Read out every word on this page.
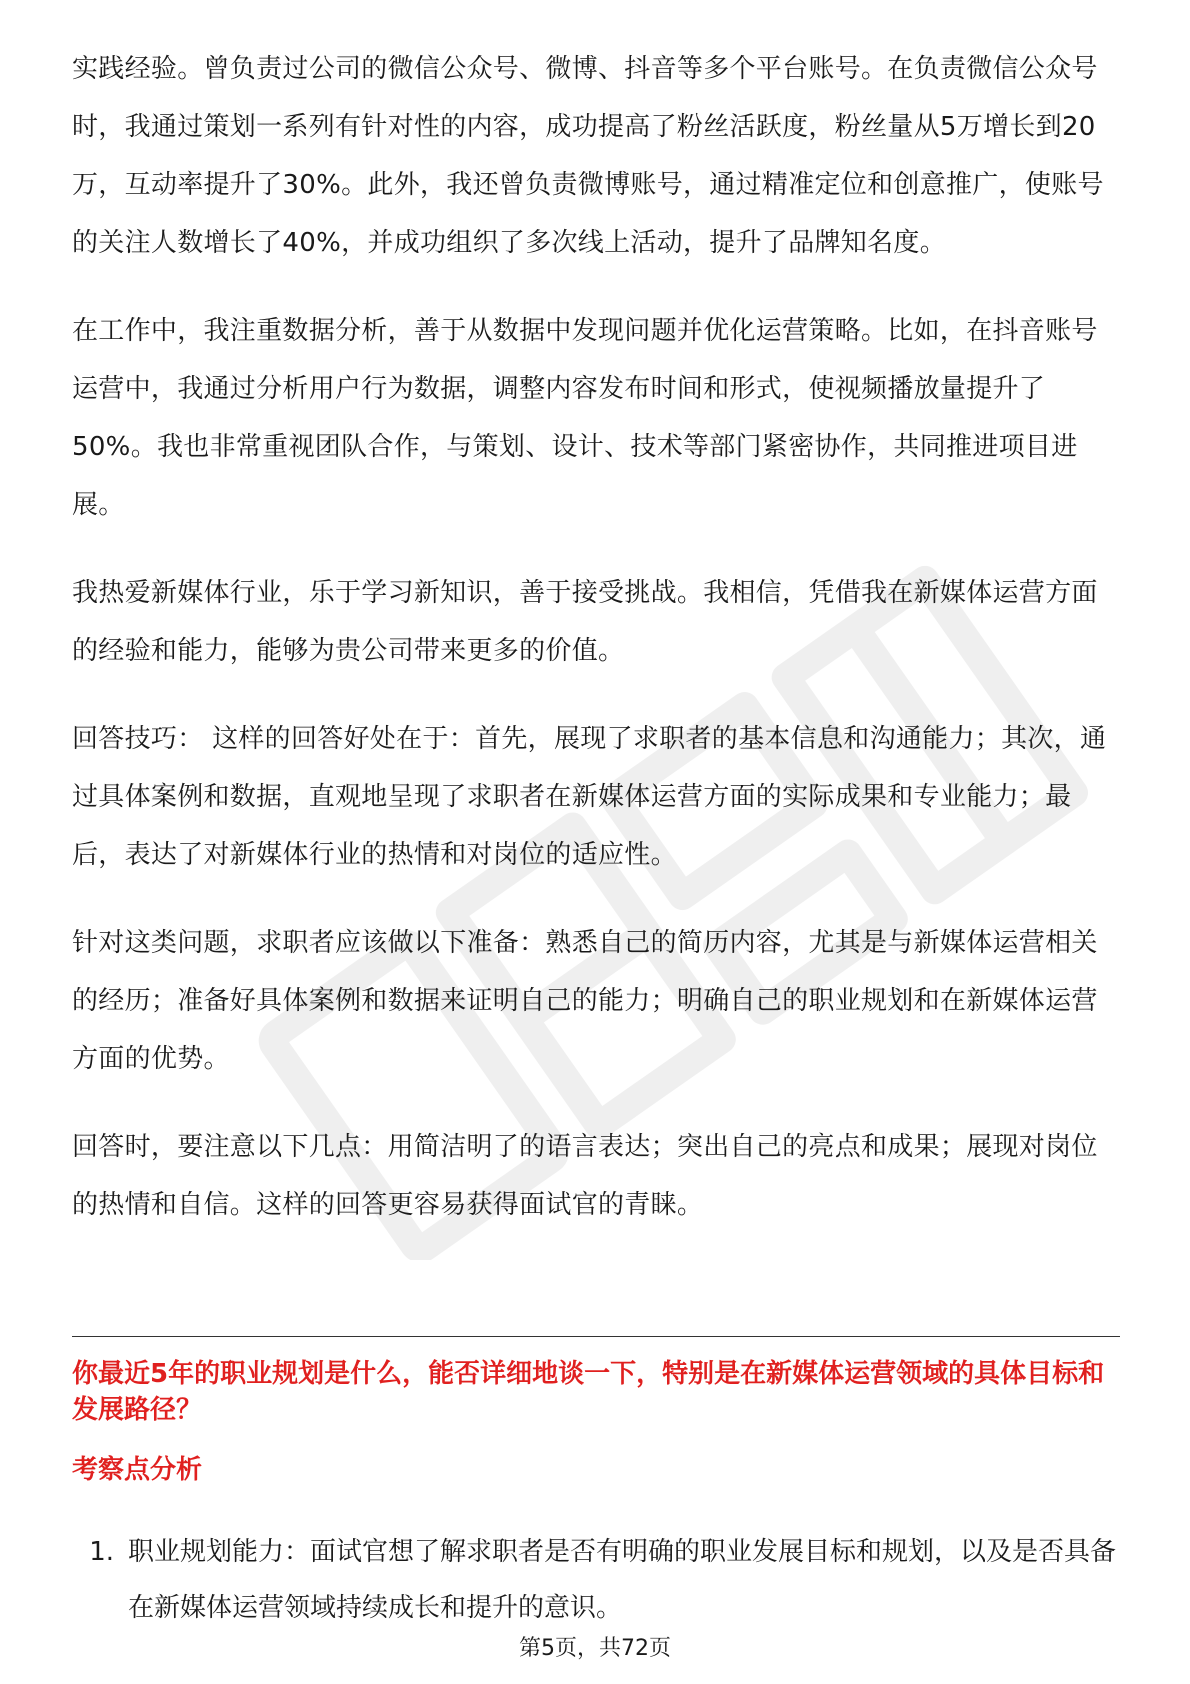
实践经验。曾负责过公司的微信公众号、微博、抖音等多个平台账号。在负责微信公众号时，我通过策划一系列有针对性的内容，成功提高了粉丝活跃度，粉丝量从5万增长到20万，互动率提升了30%。此外，我还曾负责微博账号，通过精准定位和创意推广，使账号的关注人数增长了40%，并成功组织了多次线上活动，提升了品牌知名度。

在工作中，我注重数据分析，善于从数据中发现问题并优化运营策略。比如，在抖音账号运营中，我通过分析用户行为数据，调整内容发布时间和形式，使视频播放量提升了50%。我也非常重视团队合作，与策划、设计、技术等部门紧密协作，共同推进项目进展。

我热爱新媒体行业，乐于学习新知识，善于接受挑战。我相信，凭借我在新媒体运营方面的经验和能力，能够为贵公司带来更多的价值。

回答技巧： 这样的回答好处在于：首先，展现了求职者的基本信息和沟通能力；其次，通过具体案例和数据，直观地呈现了求职者在新媒体运营方面的实际成果和专业能力；最后，表达了对新媒体行业的热情和对岗位的适应性。

针对这类问题，求职者应该做以下准备：熟悉自己的简历内容，尤其是与新媒体运营相关的经历；准备好具体案例和数据来证明自己的能力；明确自己的职业规划和在新媒体运营方面的优势。

回答时，要注意以下几点：用简洁明了的语言表达；突出自己的亮点和成果；展现对岗位的热情和自信。这样的回答更容易获得面试官的青睐。

你最近5年的职业规划是什么，能否详细地谈一下，特别是在新媒体运营领域的具体目标和发展路径？

考察点分析

1. 职业规划能力：面试官想了解求职者是否有明确的职业发展目标和规划，以及是否具备在新媒体运营领域持续成长和提升的意识。
第5页，共72页
